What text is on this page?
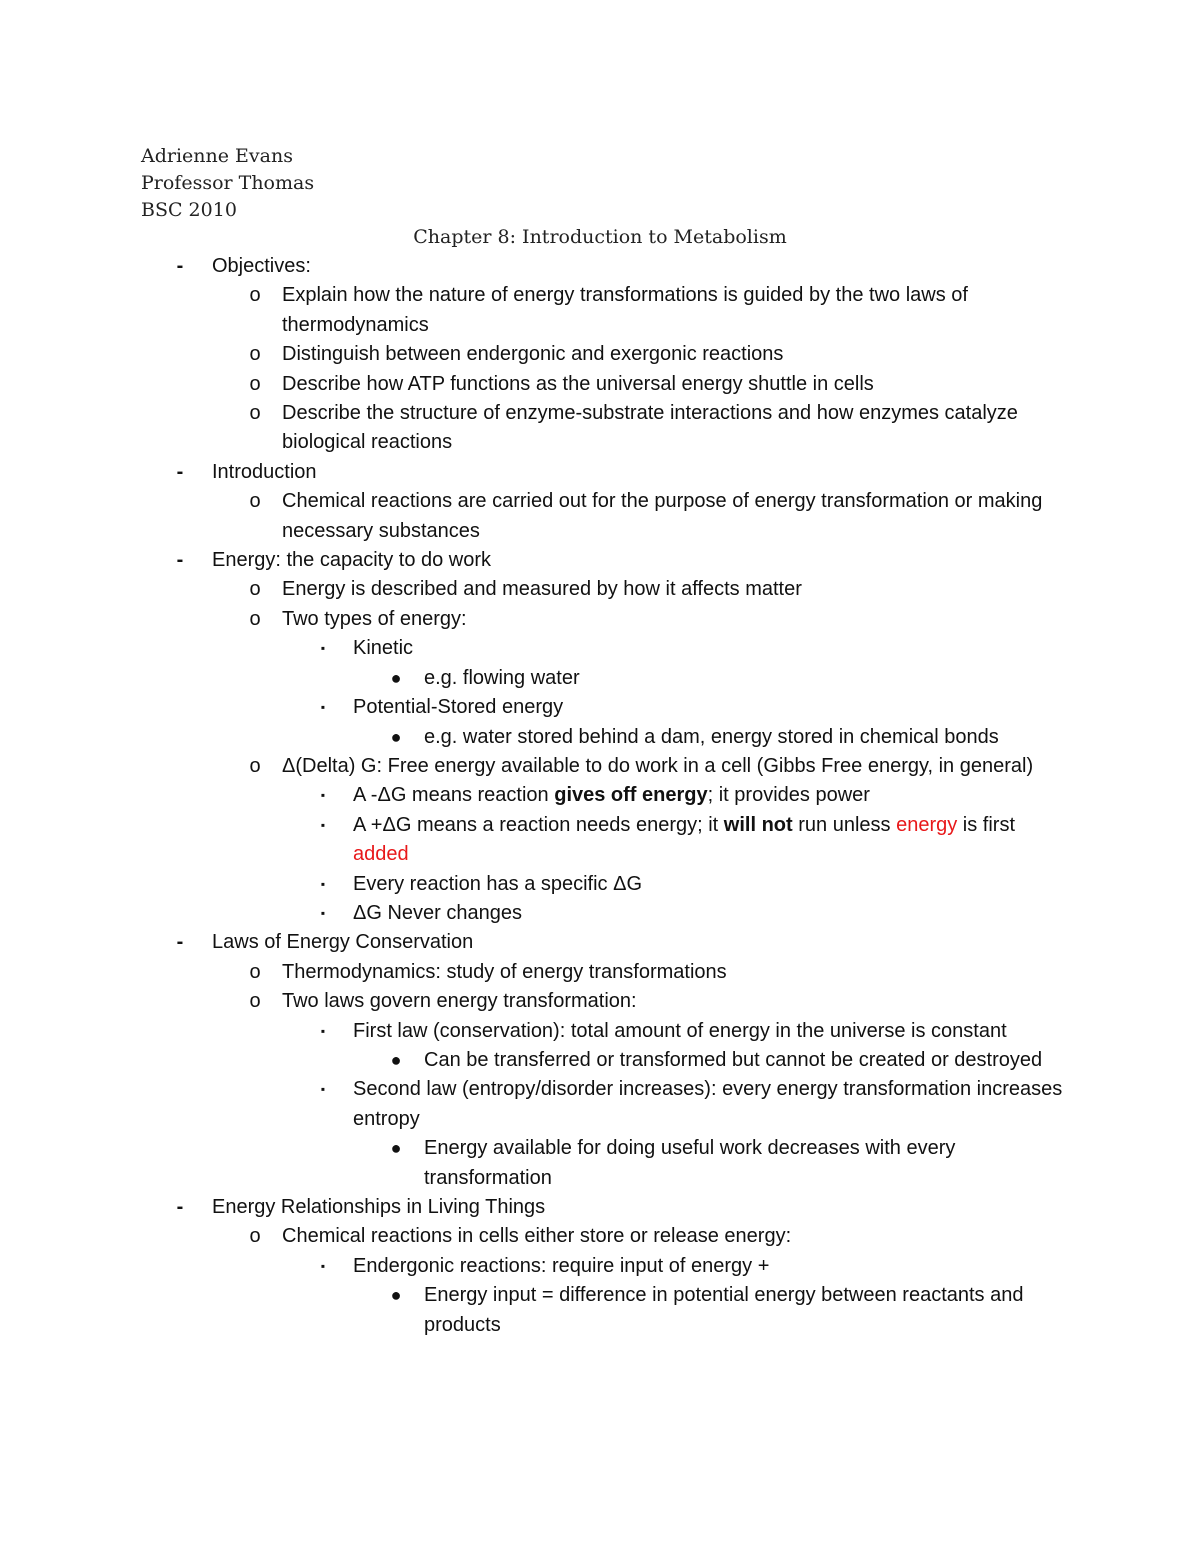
Adrienne Evans
Professor Thomas
BSC 2010
Chapter 8: Introduction to Metabolism
-	Objectives:
o Explain how the nature of energy transformations is guided by the two laws of thermodynamics
o Distinguish between endergonic and exergonic reactions
o Describe how ATP functions as the universal energy shuttle in cells
o Describe the structure of enzyme-substrate interactions and how enzymes catalyze biological reactions
-	Introduction
o Chemical reactions are carried out for the purpose of energy transformation or making necessary substances
-	Energy: the capacity to do work
o Energy is described and measured by how it affects matter
o Two types of energy:
▪ Kinetic
● e.g. flowing water
▪ Potential-Stored energy
● e.g. water stored behind a dam, energy stored in chemical bonds
o Δ(Delta) G: Free energy available to do work in a cell (Gibbs Free energy, in general)
▪ A -ΔG means reaction gives off energy; it provides power
▪ A +ΔG means a reaction needs energy; it will not run unless energy is first added
▪ Every reaction has a specific ΔG
▪ ΔG Never changes
-	Laws of Energy Conservation
o Thermodynamics: study of energy transformations
o Two laws govern energy transformation:
▪ First law (conservation): total amount of energy in the universe is constant
● Can be transferred or transformed but cannot be created or destroyed
▪ Second law (entropy/disorder increases): every energy transformation increases entropy
● Energy available for doing useful work decreases with every transformation
-	Energy Relationships in Living Things
o Chemical reactions in cells either store or release energy:
▪ Endergonic reactions: require input of energy +
● Energy input = difference in potential energy between reactants and products
